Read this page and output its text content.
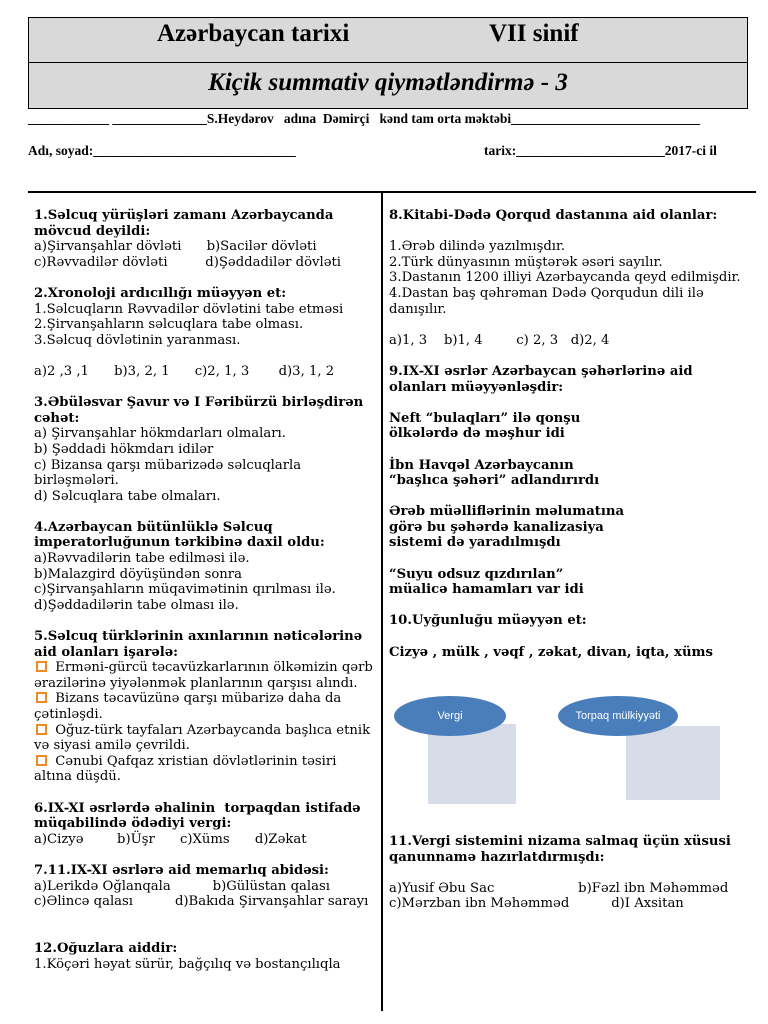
Azərbaycan tarixi	VII sinif
Kiçik summativ qiymətləndirmə - 3
____________ ______________S.Heydərov   adına  Dəmirçi   kənd tam orta məktəbi____________________________
Adı, soyad:______________________________	tarix:______________________2017-ci il

1.Səlcuq yürüşləri zamanı Azərbaycanda mövcud deyildi:

a)Şirvanşahlar dövləti      b)Sacilər dövləti

c)Rəvvadilər dövləti         d)Şəddadilər dövləti

2.Xronoloji ardıcıllığı müəyyən et:

1.Səlcuqların Rəvvadilər dövlətini tabe etməsi

2.Şirvanşahların səlcuqlara tabe olması.

3.Səlcuq dövlətinin yaranması.

a)2 ,3 ,1      b)3, 2, 1      c)2, 1, 3       d)3, 1, 2

3.Əbüləsvar Şavur və I Fəribürzü birləşdirən cəhət:

a) Şirvanşahlar hökmdarları olmaları.

b) Şəddadi hökmdarı idilər

c) Bizansa qarşı mübarizədə səlcuqlarla birləşmələri.

d) Səlcuqlara tabe olmaları.

4.Azərbaycan bütünlüklə Səlcuq imperatorluğunun tərkibinə daxil oldu:

a)Rəvvadilərin tabe edilməsi ilə.

b)Malazgird döyüşündən sonra

c)Şirvanşahların müqavimətinin qırılması ilə.

d)Şəddadilərin tabe olması ilə.

5.Səlcuq türklərinin axınlarının nəticələrinə aid olanları işarələ:

Erməni-gürcü təcavüzkarlarının ölkəmizin qərb ərazilərinə yiyələnmək planlarının qarşısı alındı.

Bizans təcavüzünə qarşı mübarizə daha da çətinləşdi.

Oğuz-türk tayfaları Azərbaycanda başlıca etnik və siyasi amilə çevrildi.

Cənubi Qafqaz xristian dövlətlərinin təsiri altına düşdü.

6.IX-XI əsrlərdə əhalinin  torpaqdan istifadə müqabilində ödədiyi vergi:

a)Cizyə        b)Üşr      c)Xüms      d)Zəkat

7.11.IX-XI əsrlərə aid memarlıq abidəsi:

a)Lerikdə Oğlanqala          b)Gülüstan qalası

c)Əlincə qalası          d)Bakıda Şirvanşahlar sarayı

12.Oğuzlara aiddir:

1.Köçəri həyat sürür, bağçılıq və bostançılıqla

8.Kitabi-Dədə Qorqud dastanına aid olanlar:

1.Ərəb dilində yazılmışdır.

2.Türk dünyasının müştərək əsəri sayılır.

3.Dastanın 1200 illiyi Azərbaycanda qeyd edilmişdir.

4.Dastan baş qəhrəman Dədə Qorqudun dili ilə danışılır.

a)1, 3    b)1, 4        c) 2, 3   d)2, 4

9.IX-XI əsrlər Azərbaycan şəhərlərinə aid olanları müəyyənləşdir:

Neft “bulaqları” ilə qonşu

ölkələrdə də məşhur idi

İbn Havqəl Azərbaycanın

“başlıca şəhəri” adlandırırdı

Ərəb müəlliflərinin məlumatına

görə bu şəhərdə kanalizasiya

sistemi də yaradılmışdı

“Suyu odsuz qızdırılan”

müalicə hamamları var idi

10.Uyğunluğu müəyyən et:

Cizyə , mülk , vəqf , zəkat, divan, iqta, xüms

Vergi	Torpaq mülkiyyəti

11.Vergi sistemini nizama salmaq üçün xüsusi qanunnamə hazırlatdırmışdı:

a)Yusif Əbu Sac                    b)Fəzl ibn Məhəmməd

c)Mərzban ibn Məhəmməd          d)I Axsitan
